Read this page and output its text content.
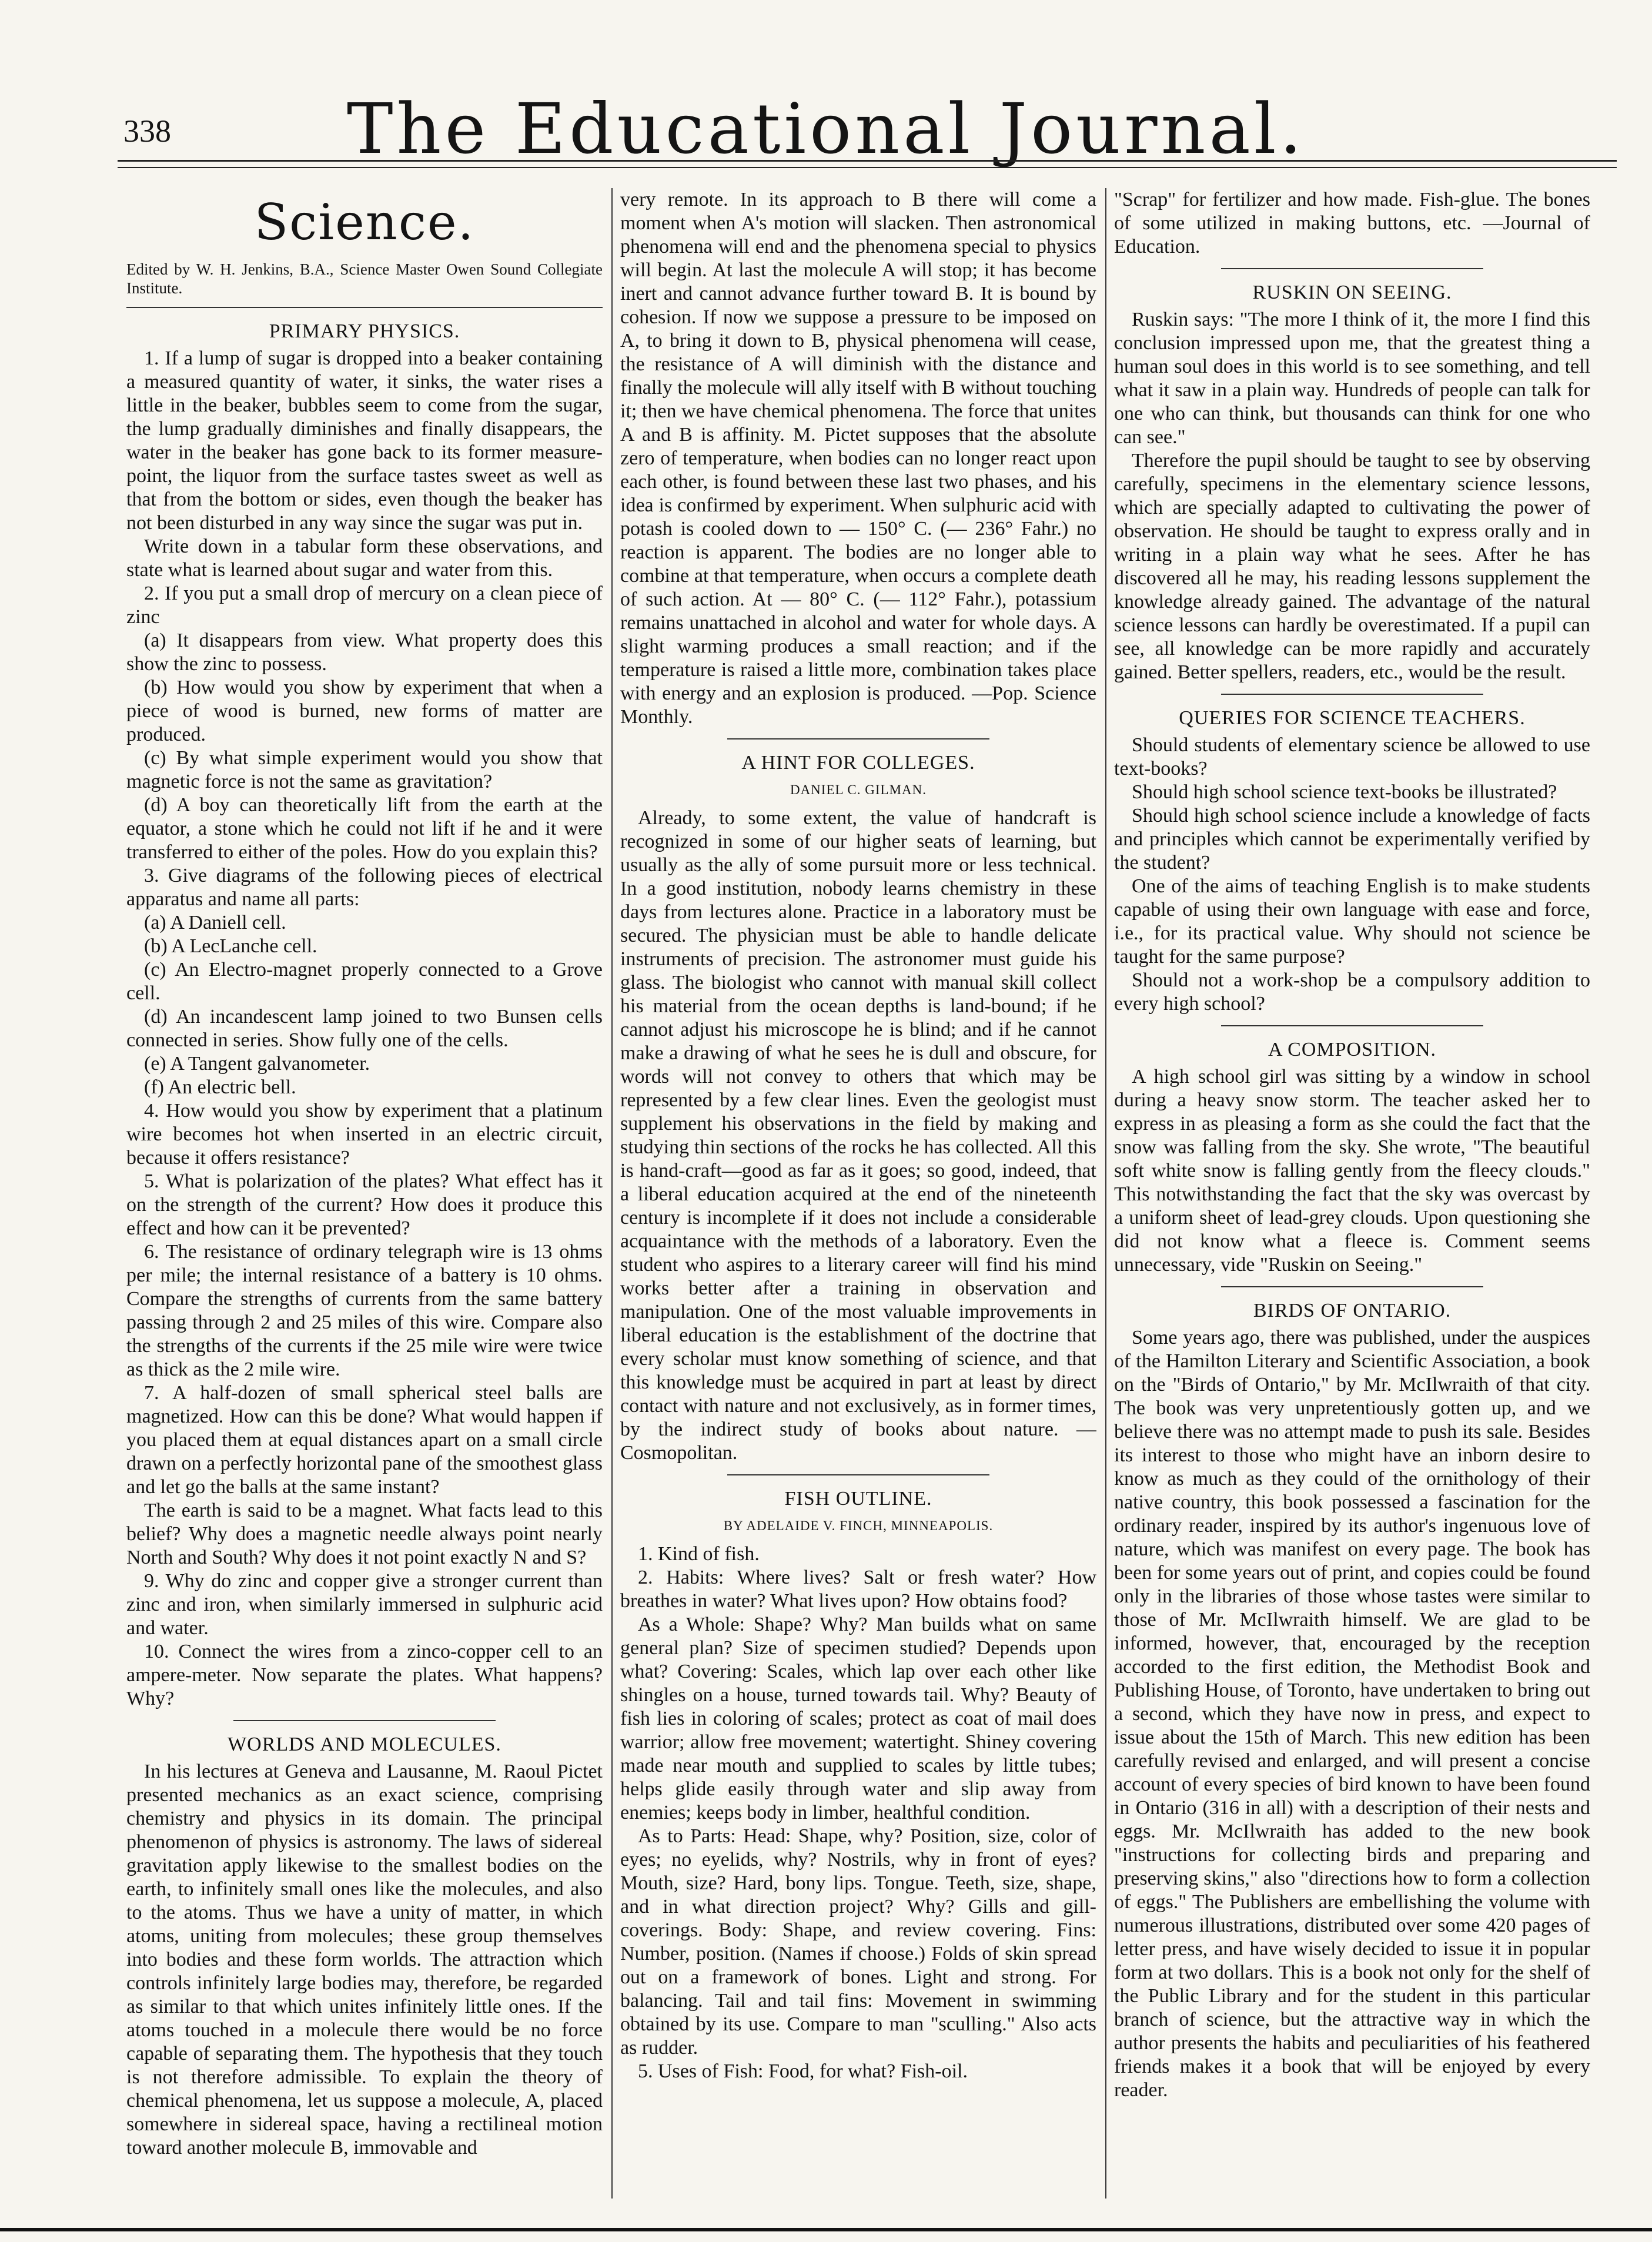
338	The Educational Journal.
Science.
Edited by W. H. Jenkins, B.A., Science Master Owen Sound Collegiate Institute.
PRIMARY PHYSICS.

1. If a lump of sugar is dropped into a beaker containing a measured quantity of water, it sinks, the water rises a little in the beaker, bubbles seem to come from the sugar, the lump gradually diminishes and finally disappears, the water in the beaker has gone back to its former measure-point, the liquor from the surface tastes sweet as well as that from the bottom or sides, even though the beaker has not been disturbed in any way since the sugar was put in.

Write down in a tabular form these observations, and state what is learned about sugar and water from this.

2. If you put a small drop of mercury on a clean piece of zinc

(a) It disappears from view. What property does this show the zinc to possess.

(b) How would you show by experiment that when a piece of wood is burned, new forms of matter are produced.

(c) By what simple experiment would you show that magnetic force is not the same as gravitation?

(d) A boy can theoretically lift from the earth at the equator, a stone which he could not lift if he and it were transferred to either of the poles. How do you explain this?

3. Give diagrams of the following pieces of electrical apparatus and name all parts:

(a) A Daniell cell.

(b) A LecLanche cell.

(c) An Electro-magnet properly connected to a Grove cell.

(d) An incandescent lamp joined to two Bunsen cells connected in series. Show fully one of the cells.

(e) A Tangent galvanometer.

(f) An electric bell.

4. How would you show by experiment that a platinum wire becomes hot when inserted in an electric circuit, because it offers resistance?

5. What is polarization of the plates? What effect has it on the strength of the current? How does it produce this effect and how can it be prevented?

6. The resistance of ordinary telegraph wire is 13 ohms per mile; the internal resistance of a battery is 10 ohms. Compare the strengths of currents from the same battery passing through 2 and 25 miles of this wire. Compare also the strengths of the currents if the 25 mile wire were twice as thick as the 2 mile wire.

7. A half-dozen of small spherical steel balls are magnetized. How can this be done? What would happen if you placed them at equal distances apart on a small circle drawn on a perfectly horizontal pane of the smoothest glass and let go the balls at the same instant?

The earth is said to be a magnet. What facts lead to this belief? Why does a magnetic needle always point nearly North and South? Why does it not point exactly N and S?

9. Why do zinc and copper give a stronger current than zinc and iron, when similarly immersed in sulphuric acid and water.

10. Connect the wires from a zinco-copper cell to an ampere-meter. Now separate the plates. What happens? Why?

WORLDS AND MOLECULES.

In his lectures at Geneva and Lausanne, M. Raoul Pictet presented mechanics as an exact science, comprising chemistry and physics in its domain. The principal phenomenon of physics is astronomy. The laws of sidereal gravitation apply likewise to the smallest bodies on the earth, to infinitely small ones like the molecules, and also to the atoms. Thus we have a unity of matter, in which atoms, uniting from molecules; these group themselves into bodies and these form worlds. The attraction which controls infinitely large bodies may, therefore, be regarded as similar to that which unites infinitely little ones. If the atoms touched in a molecule there would be no force capable of separating them. The hypothesis that they touch is not therefore admissible. To explain the theory of chemical phenomena, let us suppose a molecule, A, placed somewhere in sidereal space, having a rectilineal motion toward another molecule B, immovable and

very remote. In its approach to B there will come a moment when A's motion will slacken. Then astronomical phenomena will end and the phenomena special to physics will begin. At last the molecule A will stop; it has become inert and cannot advance further toward B. It is bound by cohesion. If now we suppose a pressure to be imposed on A, to bring it down to B, physical phenomena will cease, the resistance of A will diminish with the distance and finally the molecule will ally itself with B without touching it; then we have chemical phenomena. The force that unites A and B is affinity. M. Pictet supposes that the absolute zero of temperature, when bodies can no longer react upon each other, is found between these last two phases, and his idea is confirmed by experiment. When sulphuric acid with potash is cooled down to — 150° C. (— 236° Fahr.) no reaction is apparent. The bodies are no longer able to combine at that temperature, when occurs a complete death of such action. At — 80° C. (— 112° Fahr.), potassium remains unattached in alcohol and water for whole days. A slight warming produces a small reaction; and if the temperature is raised a little more, combination takes place with energy and an explosion is produced. —Pop. Science Monthly.

A HINT FOR COLLEGES.
DANIEL C. GILMAN.

Already, to some extent, the value of handcraft is recognized in some of our higher seats of learning, but usually as the ally of some pursuit more or less technical. In a good institution, nobody learns chemistry in these days from lectures alone. Practice in a laboratory must be secured. The physician must be able to handle delicate instruments of precision. The astronomer must guide his glass. The biologist who cannot with manual skill collect his material from the ocean depths is land-bound; if he cannot adjust his microscope he is blind; and if he cannot make a drawing of what he sees he is dull and obscure, for words will not convey to others that which may be represented by a few clear lines. Even the geologist must supplement his observations in the field by making and studying thin sections of the rocks he has collected. All this is hand-craft—good as far as it goes; so good, indeed, that a liberal education acquired at the end of the nineteenth century is incomplete if it does not include a considerable acquaintance with the methods of a laboratory. Even the student who aspires to a literary career will find his mind works better after a training in observation and manipulation. One of the most valuable improvements in liberal education is the establishment of the doctrine that every scholar must know something of science, and that this knowledge must be acquired in part at least by direct contact with nature and not exclusively, as in former times, by the indirect study of books about nature. —Cosmopolitan.

FISH OUTLINE.
BY ADELAIDE V. FINCH, MINNEAPOLIS.

1. Kind of fish.

2. Habits: Where lives? Salt or fresh water? How breathes in water? What lives upon? How obtains food?

As a Whole: Shape? Why? Man builds what on same general plan? Size of specimen studied? Depends upon what? Covering: Scales, which lap over each other like shingles on a house, turned towards tail. Why? Beauty of fish lies in coloring of scales; protect as coat of mail does warrior; allow free movement; watertight. Shiney covering made near mouth and supplied to scales by little tubes; helps glide easily through water and slip away from enemies; keeps body in limber, healthful condition.

As to Parts: Head: Shape, why? Position, size, color of eyes; no eyelids, why? Nostrils, why in front of eyes? Mouth, size? Hard, bony lips. Tongue. Teeth, size, shape, and in what direction project? Why? Gills and gill-coverings. Body: Shape, and review covering. Fins: Number, position. (Names if choose.) Folds of skin spread out on a framework of bones. Light and strong. For balancing. Tail and tail fins: Movement in swimming obtained by its use. Compare to man "sculling." Also acts as rudder.

5. Uses of Fish: Food, for what? Fish-oil.

"Scrap" for fertilizer and how made. Fish-glue. The bones of some utilized in making buttons, etc. —Journal of Education.

RUSKIN ON SEEING.

Ruskin says: "The more I think of it, the more I find this conclusion impressed upon me, that the greatest thing a human soul does in this world is to see something, and tell what it saw in a plain way. Hundreds of people can talk for one who can think, but thousands can think for one who can see."

Therefore the pupil should be taught to see by observing carefully, specimens in the elementary science lessons, which are specially adapted to cultivating the power of observation. He should be taught to express orally and in writing in a plain way what he sees. After he has discovered all he may, his reading lessons supplement the knowledge already gained. The advantage of the natural science lessons can hardly be overestimated. If a pupil can see, all knowledge can be more rapidly and accurately gained. Better spellers, readers, etc., would be the result.

QUERIES FOR SCIENCE TEACHERS.

Should students of elementary science be allowed to use text-books?

Should high school science text-books be illustrated?

Should high school science include a knowledge of facts and principles which cannot be experimentally verified by the student?

One of the aims of teaching English is to make students capable of using their own language with ease and force, i.e., for its practical value. Why should not science be taught for the same purpose?

Should not a work-shop be a compulsory addition to every high school?

A COMPOSITION.

A high school girl was sitting by a window in school during a heavy snow storm. The teacher asked her to express in as pleasing a form as she could the fact that the snow was falling from the sky. She wrote, "The beautiful soft white snow is falling gently from the fleecy clouds." This notwithstanding the fact that the sky was overcast by a uniform sheet of lead-grey clouds. Upon questioning she did not know what a fleece is. Comment seems unnecessary, vide "Ruskin on Seeing."

BIRDS OF ONTARIO.

Some years ago, there was published, under the auspices of the Hamilton Literary and Scientific Association, a book on the "Birds of Ontario," by Mr. McIlwraith of that city. The book was very unpretentiously gotten up, and we believe there was no attempt made to push its sale. Besides its interest to those who might have an inborn desire to know as much as they could of the ornithology of their native country, this book possessed a fascination for the ordinary reader, inspired by its author's ingenuous love of nature, which was manifest on every page. The book has been for some years out of print, and copies could be found only in the libraries of those whose tastes were similar to those of Mr. McIlwraith himself. We are glad to be informed, however, that, encouraged by the reception accorded to the first edition, the Methodist Book and Publishing House, of Toronto, have undertaken to bring out a second, which they have now in press, and expect to issue about the 15th of March. This new edition has been carefully revised and enlarged, and will present a concise account of every species of bird known to have been found in Ontario (316 in all) with a description of their nests and eggs. Mr. McIlwraith has added to the new book "instructions for collecting birds and preparing and preserving skins," also "directions how to form a collection of eggs." The Publishers are embellishing the volume with numerous illustrations, distributed over some 420 pages of letter press, and have wisely decided to issue it in popular form at two dollars. This is a book not only for the shelf of the Public Library and for the student in this particular branch of science, but the attractive way in which the author presents the habits and peculiarities of his feathered friends makes it a book that will be enjoyed by every reader.
